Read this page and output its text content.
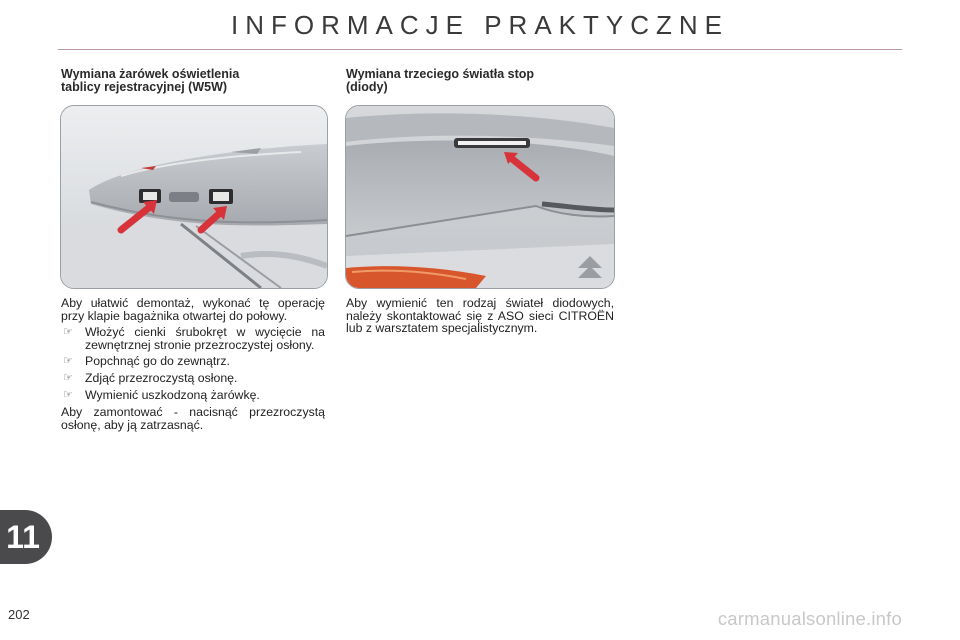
INFORMACJE PRAKTYCZNE
Wymiana żarówek oświetlenia
tablicy rejestracyjnej (W5W)

Aby ułatwić demontaż, wykonać tę operację przy klapie bagażnika otwartej do połowy.

☞ Włożyć cienki śrubokręt w wycięcie na zewnętrznej stronie przezroczystej osłony.
☞ Popchnąć go do zewnątrz.
☞ Zdjąć przezroczystą osłonę.
☞ Wymienić uszkodzoną żarówkę.

Aby zamontować - nacisnąć przezroczystą osłonę, aby ją zatrzasnąć.

Wymiana trzeciego światła stop
(diody)
Aby wymienić ten rodzaj świateł diodowych, należy skontaktować się z ASO sieci CITROËN lub z warsztatem specjalistycznym.
11
202	carmanualsonline.info
